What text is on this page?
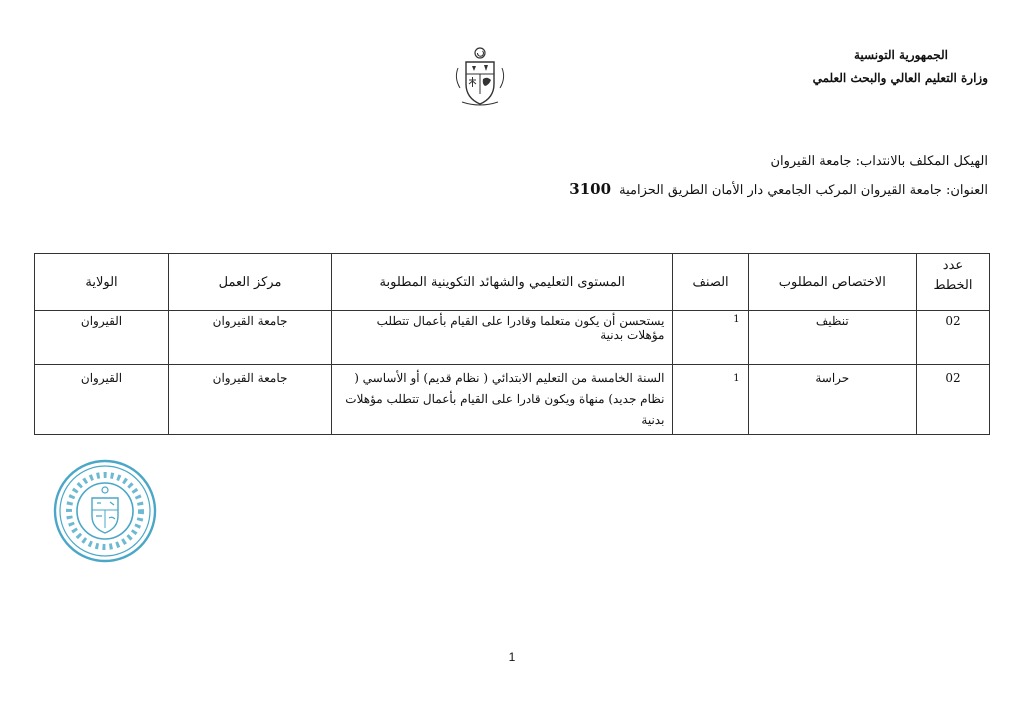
الجمهورية التونسية
وزارة التعليم العالي والبحث العلمي
الهيكل المكلف بالانتداب: جامعة القيروان
العنوان: جامعة القيروان المركب الجامعي دار الأمان الطريق الحزامية 3100
عدد الخطط	الاختصاص المطلوب	الصنف	المستوى التعليمي والشهائد التكوينية المطلوبة	مركز العمل	الولاية
02	تنظيف	1	يستحسن أن يكون متعلما وقادرا على القيام بأعمال تتطلب مؤهلات بدنية	جامعة القيروان	القيروان
02	حراسة	1	السنة الخامسة من التعليم الابتدائي ( نظام قديم) أو الأساسي ( نظام جديد) منهاة ويكون قادرا على القيام بأعمال تتطلب مؤهلات بدنية	جامعة القيروان	القيروان
1
